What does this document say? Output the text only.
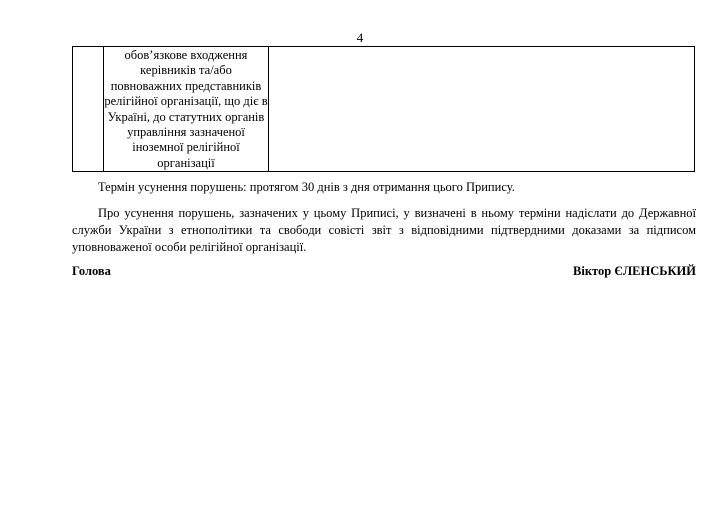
4

обов’язкове входження керівників та/або повноважних представників релігійної організації, що діє в Україні, до статутних органів управління зазначеної іноземної релігійної організації

Термін усунення порушень: протягом 30 днів з дня отримання цього Припису.

Про усунення порушень, зазначених у цьому Приписі, у визначені в ньому терміни надіслати до Державної служби України з етнополітики та свободи совісті звіт з відповідними підтвердними доказами за підписом уповноваженої особи релігійної організації.

Голова	Віктор ЄЛЕНСЬКИЙ
